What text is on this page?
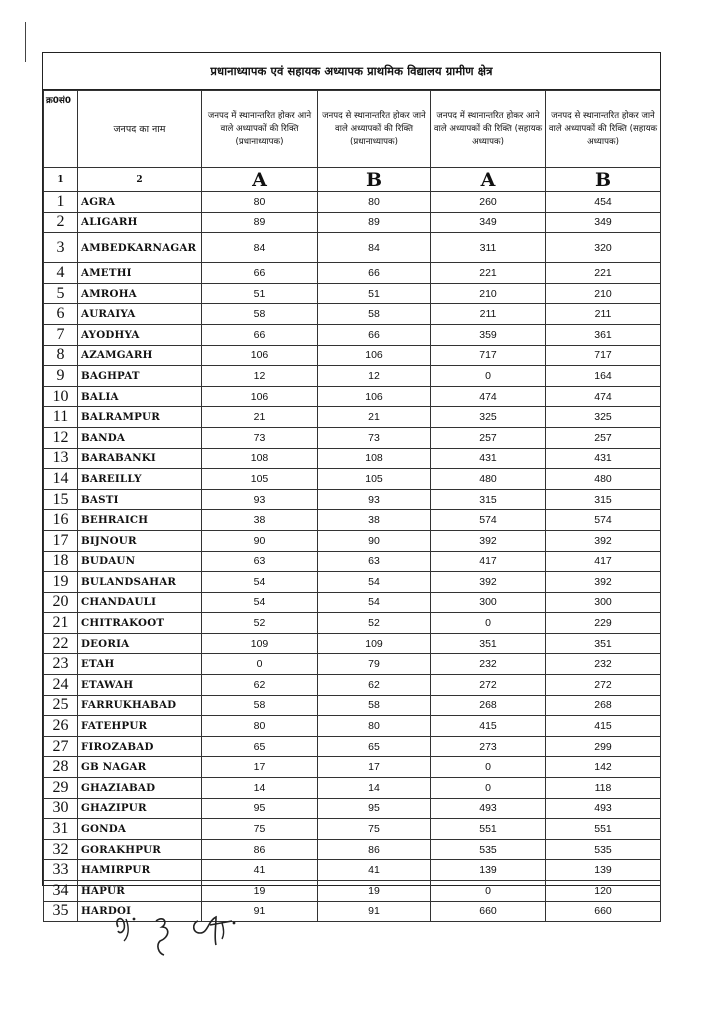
प्रधानाध्यापक एवं सहायक अध्यापक प्राथमिक विद्यालय ग्रामीण क्षेत्र
क्र0सं0	जनपद का नाम	जनपद में स्थानान्तरित होकर आने वाले अध्यापकों की रिक्ति (प्रधानाध्यापक)	जनपद से स्थानान्तरित होकर जाने वाले अध्यापकों की रिक्ति (प्रधानाध्यापक)	जनपद में स्थानान्तरित होकर आने वाले अध्यापकों की रिक्ति (सहायक अध्यापक)	जनपद से स्थानान्तरित होकर जाने वाले अध्यापकों की रिक्ति (सहायक अध्यापक)
1	2	A	B	A	B
1	AGRA	80	80	260	454
2	ALIGARH	89	89	349	349
3	AMBEDKARNAGAR	84	84	311	320
4	AMETHI	66	66	221	221
5	AMROHA	51	51	210	210
6	AURAIYA	58	58	211	211
7	AYODHYA	66	66	359	361
8	AZAMGARH	106	106	717	717
9	BAGHPAT	12	12	0	164
10	BALIA	106	106	474	474
11	BALRAMPUR	21	21	325	325
12	BANDA	73	73	257	257
13	BARABANKI	108	108	431	431
14	BAREILLY	105	105	480	480
15	BASTI	93	93	315	315
16	BEHRAICH	38	38	574	574
17	BIJNOUR	90	90	392	392
18	BUDAUN	63	63	417	417
19	BULANDSAHAR	54	54	392	392
20	CHANDAULI	54	54	300	300
21	CHITRAKOOT	52	52	0	229
22	DEORIA	109	109	351	351
23	ETAH	0	79	232	232
24	ETAWAH	62	62	272	272
25	FARRUKHABAD	58	58	268	268
26	FATEHPUR	80	80	415	415
27	FIROZABAD	65	65	273	299
28	GB NAGAR	17	17	0	142
29	GHAZIABAD	14	14	0	118
30	GHAZIPUR	95	95	493	493
31	GONDA	75	75	551	551
32	GORAKHPUR	86	86	535	535
33	HAMIRPUR	41	41	139	139
34	HAPUR	19	19	0	120
35	HARDOI	91	91	660	660
